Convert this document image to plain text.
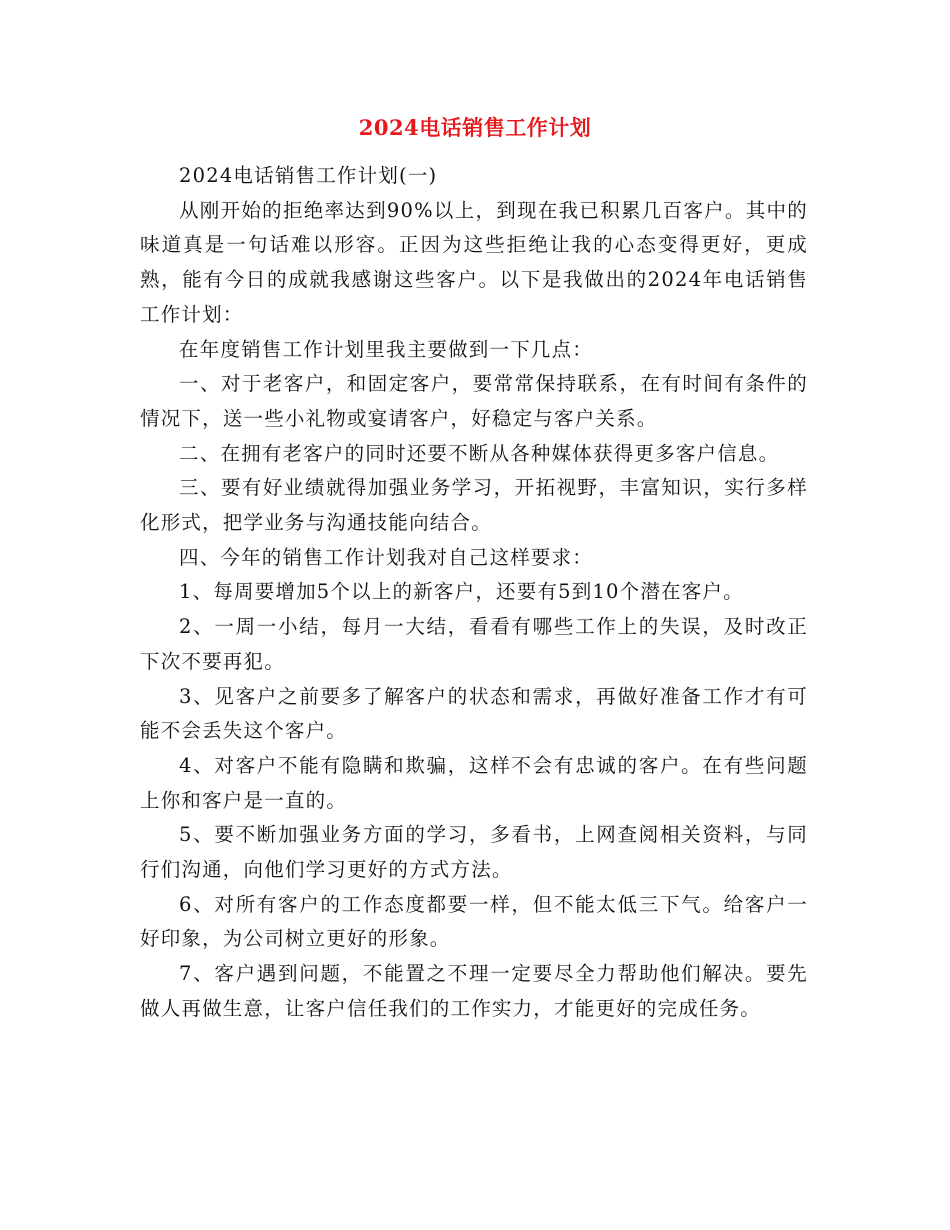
2024电话销售工作计划

2024电话销售工作计划(一)

从刚开始的拒绝率达到90%以上，到现在我已积累几百客户。其中的味道真是一句话难以形容。正因为这些拒绝让我的心态变得更好，更成熟，能有今日的成就我感谢这些客户。以下是我做出的2024年电话销售工作计划：

在年度销售工作计划里我主要做到一下几点：

一、对于老客户，和固定客户，要常常保持联系，在有时间有条件的情况下，送一些小礼物或宴请客户，好稳定与客户关系。

二、在拥有老客户的同时还要不断从各种媒体获得更多客户信息。

三、要有好业绩就得加强业务学习，开拓视野，丰富知识，实行多样化形式，把学业务与沟通技能向结合。

四、今年的销售工作计划我对自己这样要求：

1、每周要增加5个以上的新客户，还要有5到10个潜在客户。

2、一周一小结，每月一大结，看看有哪些工作上的失误，及时改正下次不要再犯。

3、见客户之前要多了解客户的状态和需求，再做好准备工作才有可能不会丢失这个客户。

4、对客户不能有隐瞒和欺骗，这样不会有忠诚的客户。在有些问题上你和客户是一直的。

5、要不断加强业务方面的学习，多看书，上网查阅相关资料，与同行们沟通，向他们学习更好的方式方法。

6、对所有客户的工作态度都要一样，但不能太低三下气。给客户一好印象，为公司树立更好的形象。

7、客户遇到问题，不能置之不理一定要尽全力帮助他们解决。要先做人再做生意，让客户信任我们的工作实力，才能更好的完成任务。
